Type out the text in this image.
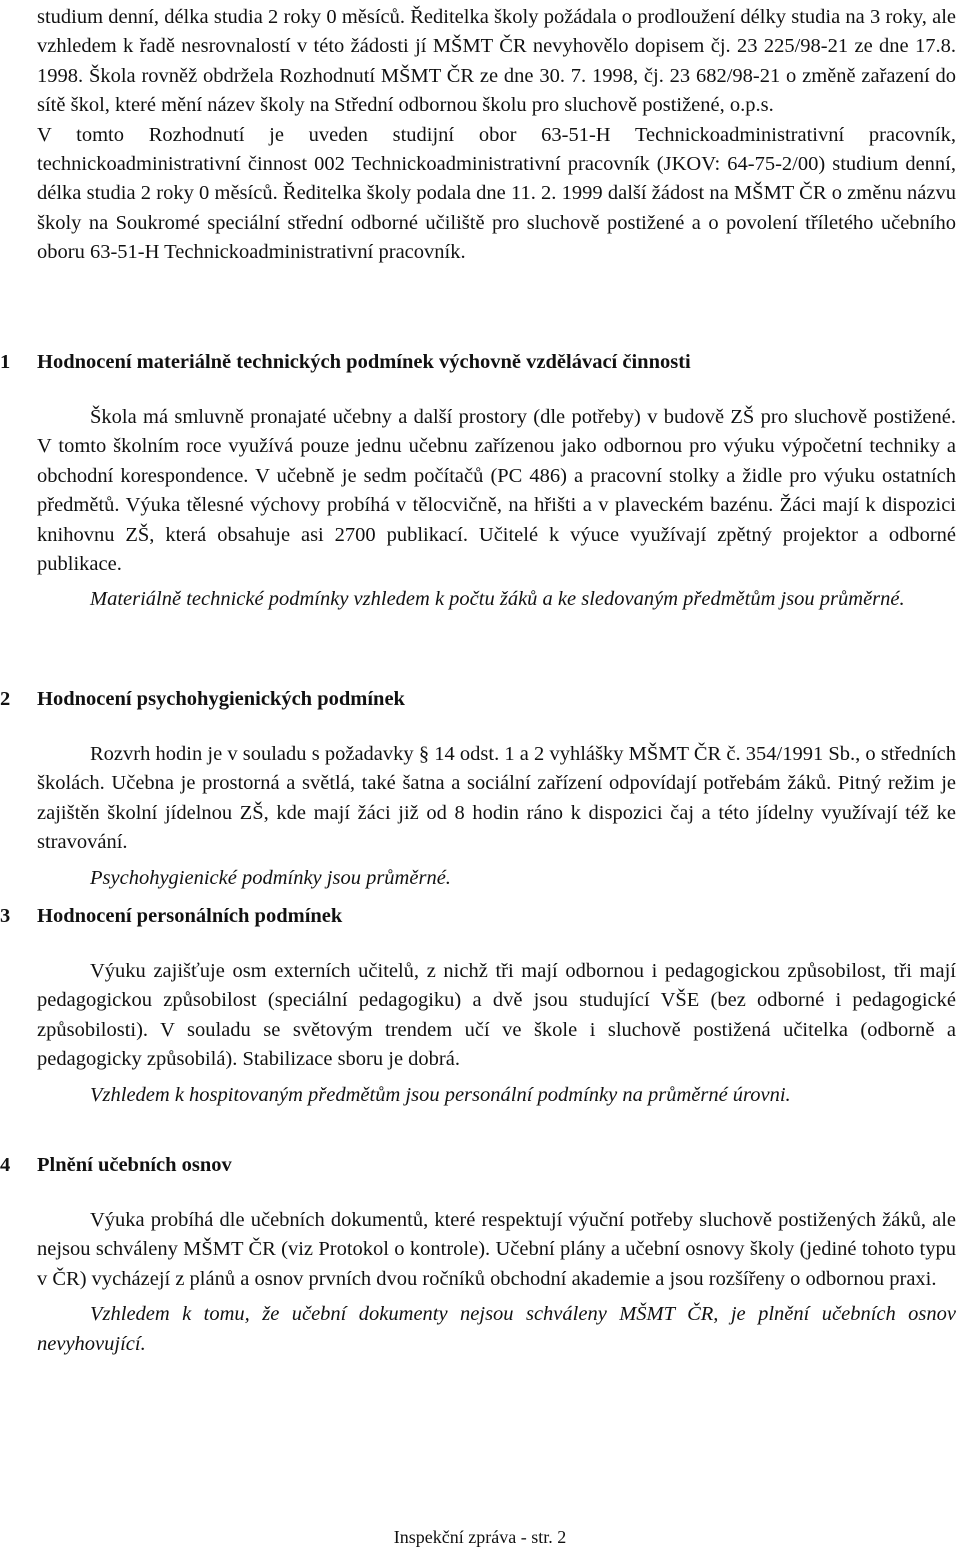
studium denní, délka studia 2 roky 0 měsíců. Ředitelka školy požádala o prodloužení délky studia na 3 roky, ale vzhledem k řadě nesrovnalostí v této žádosti jí MŠMT ČR nevyhovělo dopisem čj. 23 225/98-21 ze dne 17.8. 1998. Škola rovněž obdržela Rozhodnutí MŠMT ČR ze dne 30. 7. 1998, čj. 23 682/98-21 o změně zařazení do sítě škol, které mění název školy na Střední odbornou školu pro sluchově postižené, o.p.s.

V tomto Rozhodnutí je uveden studijní obor 63-51-H Technickoadministrativní pracovník, technickoadministrativní činnost 002 Technickoadministrativní pracovník (JKOV: 64-75-2/00) studium denní, délka studia 2 roky 0 měsíců. Ředitelka školy podala dne 11. 2. 1999 další žádost na MŠMT ČR o změnu názvu školy na Soukromé speciální střední odborné učiliště pro sluchově postižené a o povolení tříletého učebního oboru 63-51-H Technickoadministrativní pracovník.

1 Hodnocení materiálně technických podmínek výchovně vzdělávací činnosti

Škola má smluvně pronajaté učebny a další prostory (dle potřeby) v budově ZŠ pro sluchově postižené. V tomto školním roce využívá pouze jednu učebnu zařízenou jako odbornou pro výuku výpočetní techniky a obchodní korespondence. V učebně je sedm počítačů (PC 486) a pracovní stolky a židle pro výuku ostatních předmětů. Výuka tělesné výchovy probíhá v tělocvičně, na hřišti a v plaveckém bazénu. Žáci mají k dispozici knihovnu ZŠ, která obsahuje asi 2700 publikací. Učitelé k výuce využívají zpětný projektor a odborné publikace.

Materiálně technické podmínky vzhledem k počtu žáků a ke sledovaným předmětům jsou průměrné.

2 Hodnocení psychohygienických podmínek

Rozvrh hodin je v souladu s požadavky § 14 odst. 1 a 2 vyhlášky MŠMT ČR č. 354/1991 Sb., o středních školách. Učebna je prostorná a světlá, také šatna a sociální zařízení odpovídají potřebám žáků. Pitný režim je zajištěn školní jídelnou ZŠ, kde mají žáci již od 8 hodin ráno k dispozici čaj a této jídelny využívají též ke stravování.

Psychohygienické podmínky jsou průměrné.

3 Hodnocení personálních podmínek

Výuku zajišťuje osm externích učitelů, z nichž tři mají odbornou i pedagogickou způsobilost, tři mají pedagogickou způsobilost (speciální pedagogiku) a dvě jsou studující VŠE (bez odborné i pedagogické způsobilosti). V souladu se světovým trendem učí ve škole i sluchově postižená učitelka (odborně a pedagogicky způsobilá). Stabilizace sboru je dobrá.

Vzhledem k hospitovaným předmětům jsou personální podmínky na průměrné úrovni.

4 Plnění učebních osnov

Výuka probíhá dle učebních dokumentů, které respektují výuční potřeby sluchově postižených žáků, ale nejsou schváleny MŠMT ČR (viz Protokol o kontrole). Učební plány a učební osnovy školy (jediné tohoto typu v ČR) vycházejí z plánů a osnov prvních dvou ročníků obchodní akademie a jsou rozšířeny o odbornou praxi.

Vzhledem k tomu, že učební dokumenty nejsou schváleny MŠMT ČR, je plnění učebních osnov nevyhovující.

Inspekční zpráva - str. 2
